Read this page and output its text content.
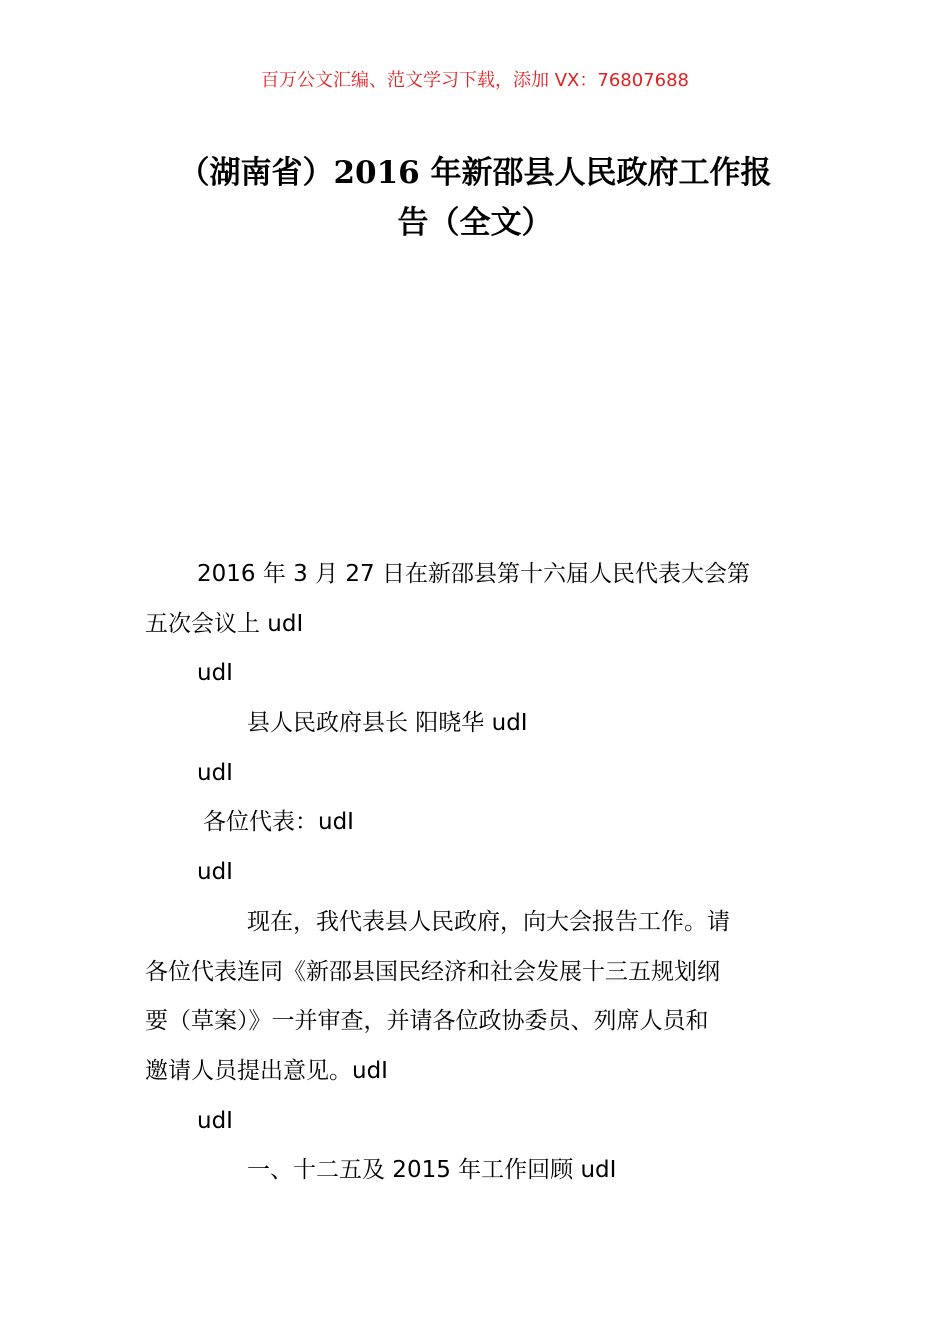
百万公文汇编、范文学习下载，添加 VX：76807688
（湖南省）2016 年新邵县人民政府工作报
告（全文）
2016 年 3 月 27 日在新邵县第十六届人民代表大会第
五次会议上 udI
udI
县人民政府县长 阳晓华 udI
udI
各位代表：udI
udI
现在，我代表县人民政府，向大会报告工作。请
各位代表连同《新邵县国民经济和社会发展十三五规划纲
要（草案）》一并审查，并请各位政协委员、列席人员和
邀请人员提出意见。udI
udI
一、十二五及 2015 年工作回顾 udI
